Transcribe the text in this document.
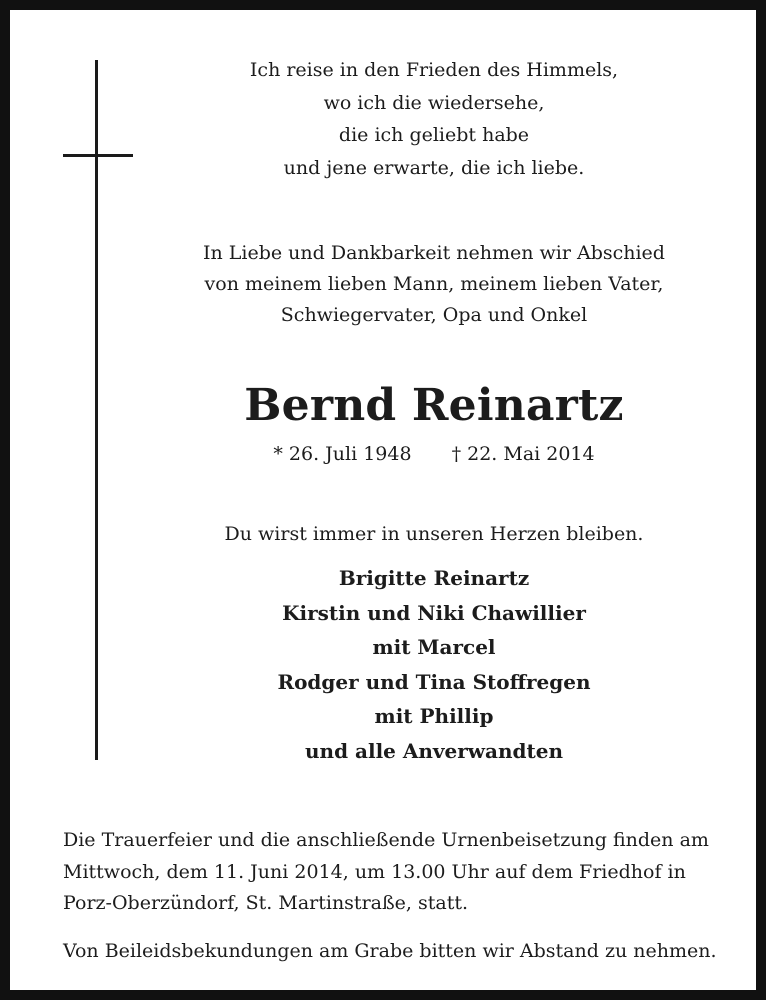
Ich reise in den Frieden des Himmels,
wo ich die wiedersehe,
die ich geliebt habe
und jene erwarte, die ich liebe.
In Liebe und Dankbarkeit nehmen wir Abschied
von meinem lieben Mann, meinem lieben Vater,
Schwiegervater, Opa und Onkel
Bernd Reinartz
* 26. Juli 1948 † 22. Mai 2014
Du wirst immer in unseren Herzen bleiben.
Brigitte Reinartz
Kirstin und Niki Chawillier
mit Marcel
Rodger und Tina Stoffregen
mit Phillip
und alle Anverwandten
Die Trauerfeier und die anschließende Urnenbeisetzung finden am
Mittwoch, dem 11. Juni 2014, um 13.00 Uhr auf dem Friedhof in
Porz-Oberzündorf, St. Martinstraße, statt.
Von Beileidsbekundungen am Grabe bitten wir Abstand zu nehmen.
